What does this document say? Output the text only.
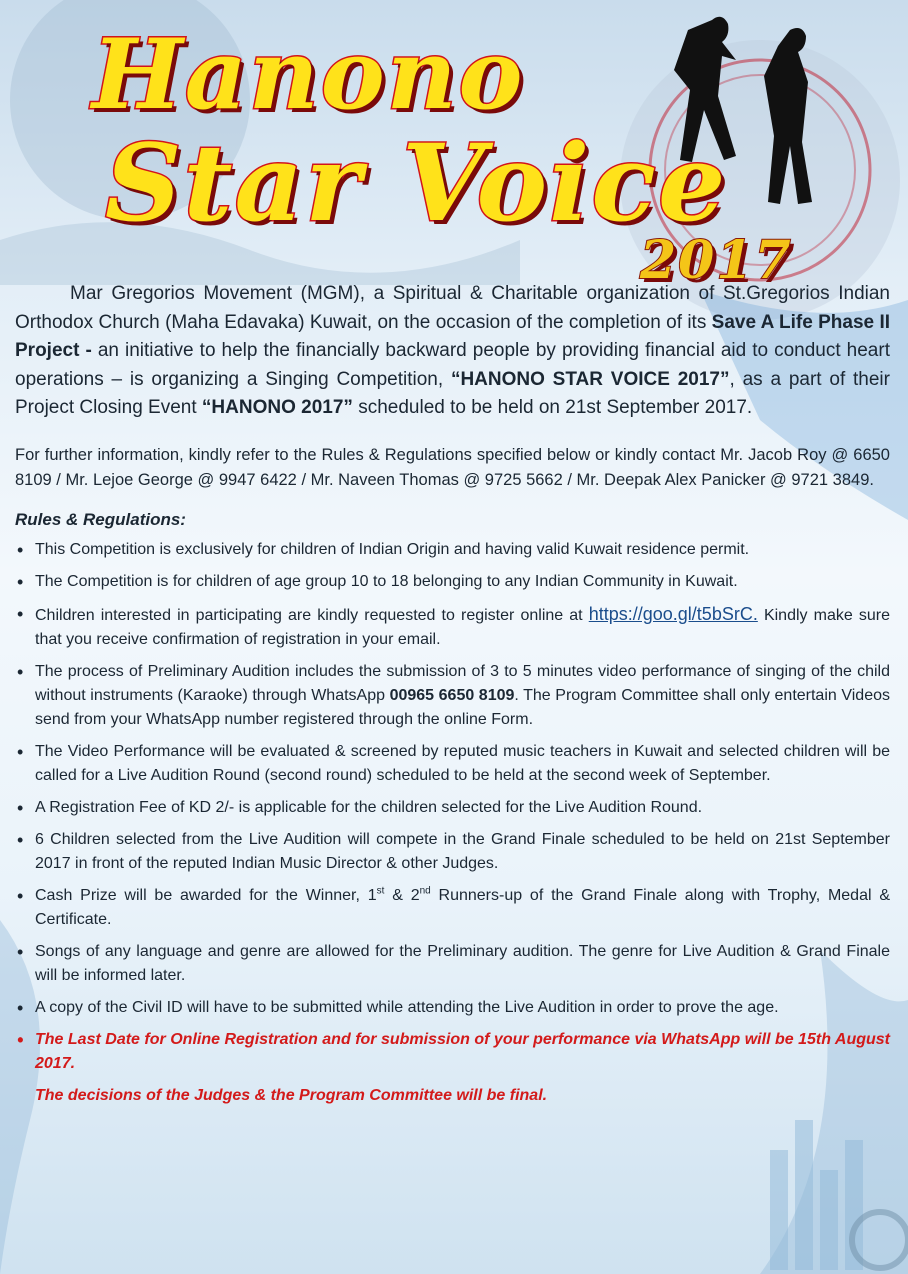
Hanono
Star Voice
2017

Mar Gregorios Movement (MGM), a Spiritual & Charitable organization of St.Gregorios Indian Orthodox Church (Maha Edavaka) Kuwait, on the occasion of the completion of its Save A Life Phase II Project - an initiative to help the financially backward people by providing financial aid to conduct heart operations – is organizing a Singing Competition, “HANONO STAR VOICE 2017”, as a part of their Project Closing Event “HANONO 2017” scheduled to be held on 21st September 2017.

For further information, kindly refer to the Rules & Regulations specified below or kindly contact Mr. Jacob Roy @ 6650 8109 / Mr. Lejoe George @ 9947 6422 / Mr. Naveen Thomas @ 9725 5662 / Mr. Deepak Alex Panicker @ 9721 3849.

Rules & Regulations:
• This Competition is exclusively for children of Indian Origin and having valid Kuwait residence permit.
• The Competition is for children of age group 10 to 18 belonging to any Indian Community in Kuwait.
• Children interested in participating are kindly requested to register online at https://goo.gl/t5bSrC. Kindly make sure that you receive confirmation of registration in your email.
• The process of Preliminary Audition includes the submission of 3 to 5 minutes video performance of singing of the child without instruments (Karaoke) through WhatsApp 00965 6650 8109. The Program Committee shall only entertain Videos send from your WhatsApp number registered through the online Form.
• The Video Performance will be evaluated & screened by reputed music teachers in Kuwait and selected children will be called for a Live Audition Round (second round) scheduled to be held at the second week of September.
• A Registration Fee of KD 2/- is applicable for the children selected for the Live Audition Round.
• 6 Children selected from the Live Audition will compete in the Grand Finale scheduled to be held on 21st September 2017 in front of the reputed Indian Music Director & other Judges.
• Cash Prize will be awarded for the Winner, 1st & 2nd Runners-up of the Grand Finale along with Trophy, Medal & Certificate.
• Songs of any language and genre are allowed for the Preliminary audition. The genre for Live Audition & Grand Finale will be informed later.
• A copy of the Civil ID will have to be submitted while attending the Live Audition in order to prove the age.
• The Last Date for Online Registration and for submission of your performance via WhatsApp will be 15th August 2017.
The decisions of the Judges & the Program Committee will be final.
